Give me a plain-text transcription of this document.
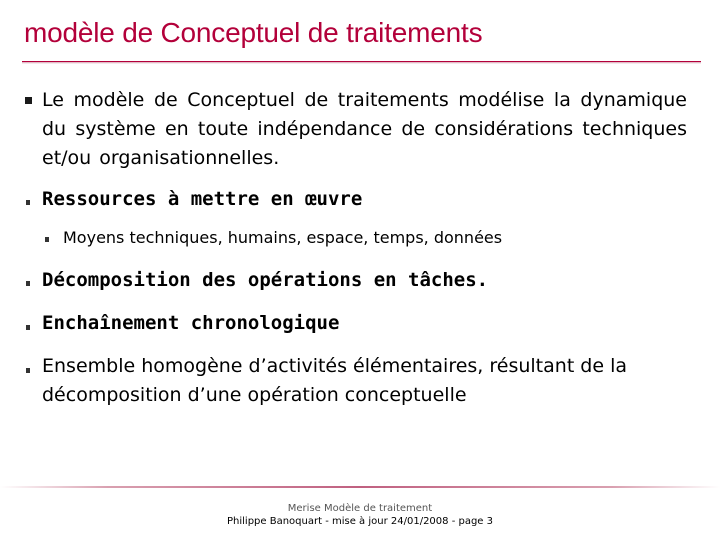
modèle de Conceptuel de traitements
Le modèle de Conceptuel de traitements modélise la dynamique du système en toute indépendance de considérations techniques et/ou organisationnelles.
Ressources à mettre en œuvre
Moyens techniques, humains, espace, temps, données
Décomposition des opérations en tâches.
Enchaînement chronologique
Ensemble homogène d’activités élémentaires, résultant de la décomposition d’une opération conceptuelle
Merise Modèle de traitement
Philippe Banoquart - mise à jour 24/01/2008 - page 3
